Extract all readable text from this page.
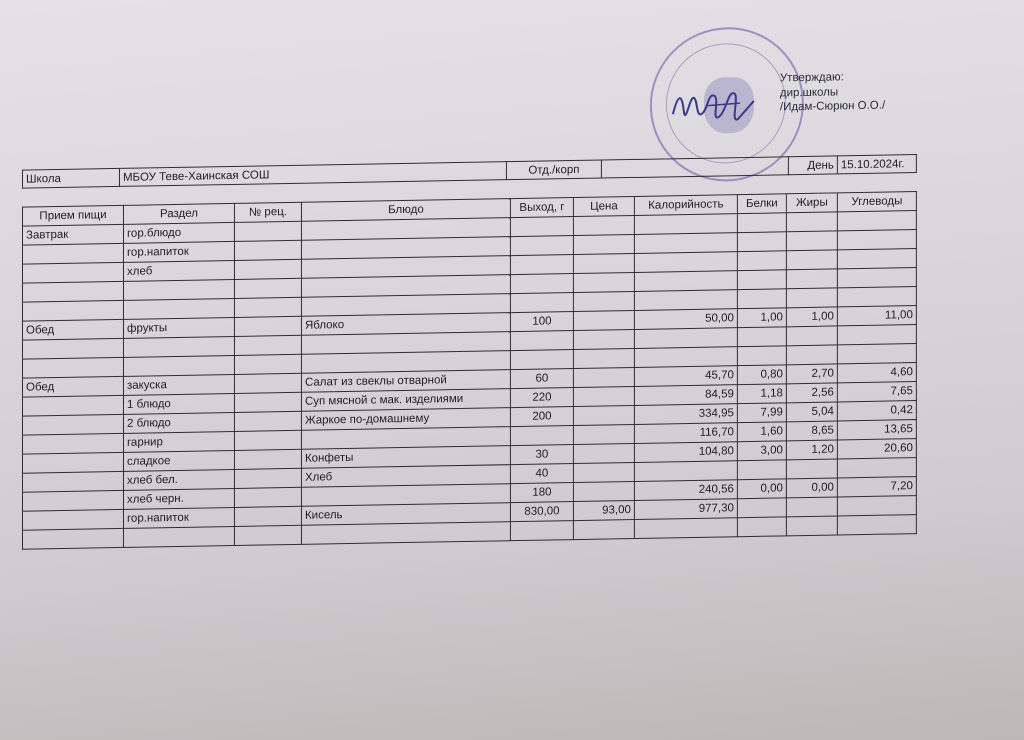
Утверждаю:
дир.школы
/Идам-Сюрюн О.О./
Школа	МБОУ Теве-Хаинская СОШ	Отд./корп		День	15.10.2024г.
Прием пищи	Раздел	№ рец.	Блюдо	Выход, г	Цена	Калорийность	Белки	Жиры	Углеводы
Завтрак	гор.блюдо								
	гор.напиток								
	хлеб								

Обед	фрукты		Яблоко	100		50,00	1,00	1,00	11,00

Обед	закуска		Салат из свеклы отварной	60		45,70	0,80	2,70	4,60
	1 блюдо		Суп мясной с мак. изделиями	220		84,59	1,18	2,56	7,65
	2 блюдо		Жаркое по-домашнему	200		334,95	7,99	5,04	0,42
	гарнир					116,70	1,60	8,65	13,65
	сладкое		Конфеты	30		104,80	3,00	1,20	20,60
	хлеб бел.		Хлеб	40					
	хлеб черн.			180		240,56	0,00	0,00	7,20
	гор.напиток		Кисель	830,00	93,00	977,30			
